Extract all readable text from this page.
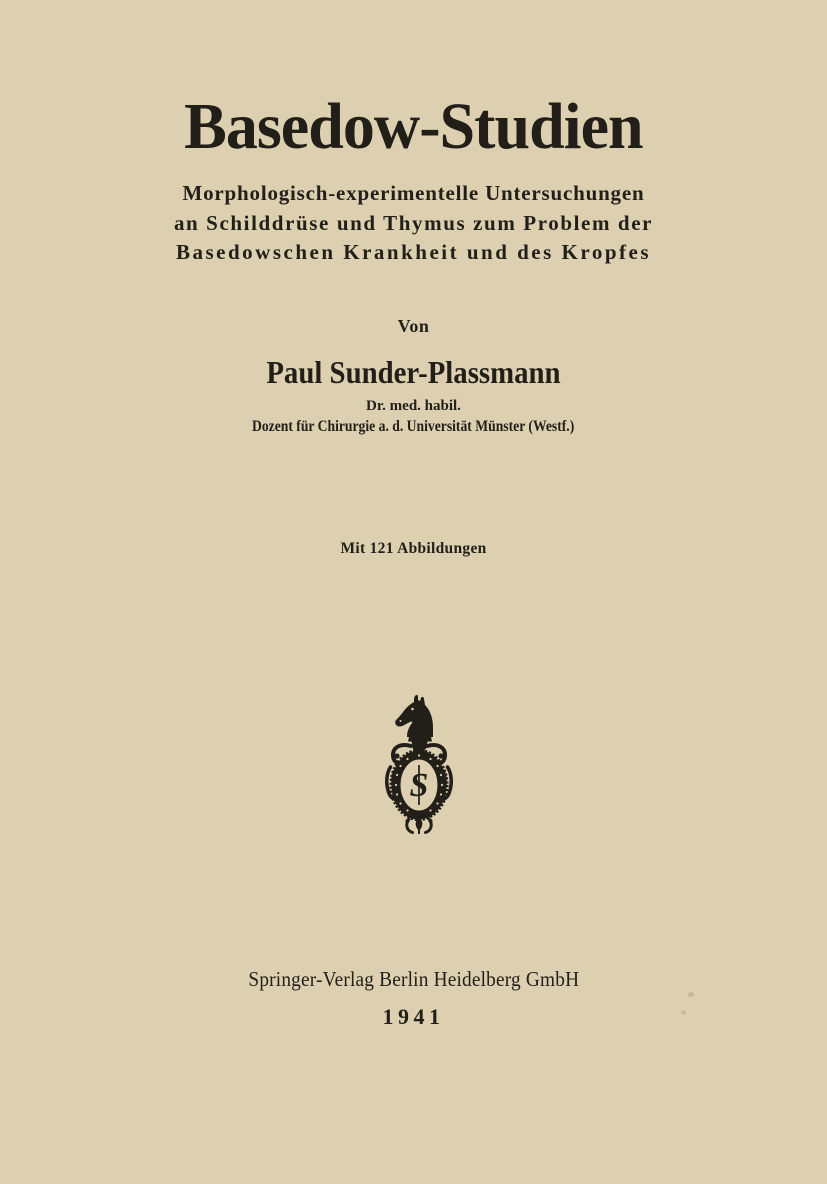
Basedow-Studien
Morphologisch-experimentelle Untersuchungen
an Schilddrüse und Thymus zum Problem der
Basedowschen Krankheit und des Kropfes
Von
Paul Sunder-Plassmann
Dr. med. habil.
Dozent für Chirurgie a. d. Universität Münster (Westf.)
Mit 121 Abbildungen
S
Springer-Verlag Berlin Heidelberg GmbH
1941
